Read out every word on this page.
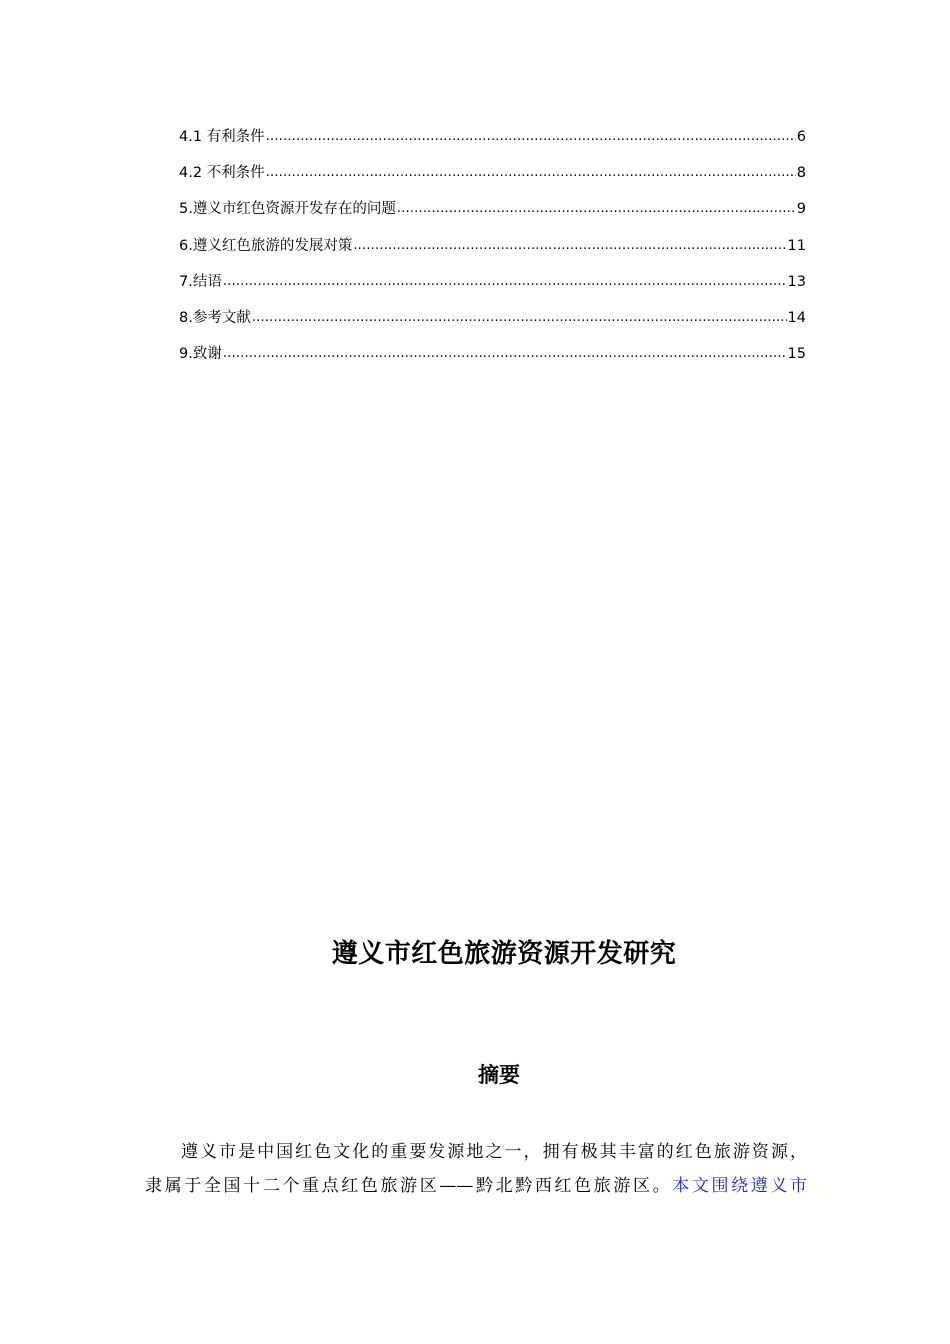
4.1 有利条件 .....	6
4.2 不利条件 .....	8
5.遵义市红色资源开发存在的问题 .....	9
6.遵义红色旅游的发展对策 .....	11
7.结语 .....	13
8.参考文献 .....	14
9.致谢 .....	15
遵义市红色旅游资源开发研究
摘要

遵义市是中国红色文化的重要发源地之一，拥有极其丰富的红色旅游资源，

隶属于全国十二个重点红色旅游区——黔北黔西红色旅游区。本文围绕遵义市
